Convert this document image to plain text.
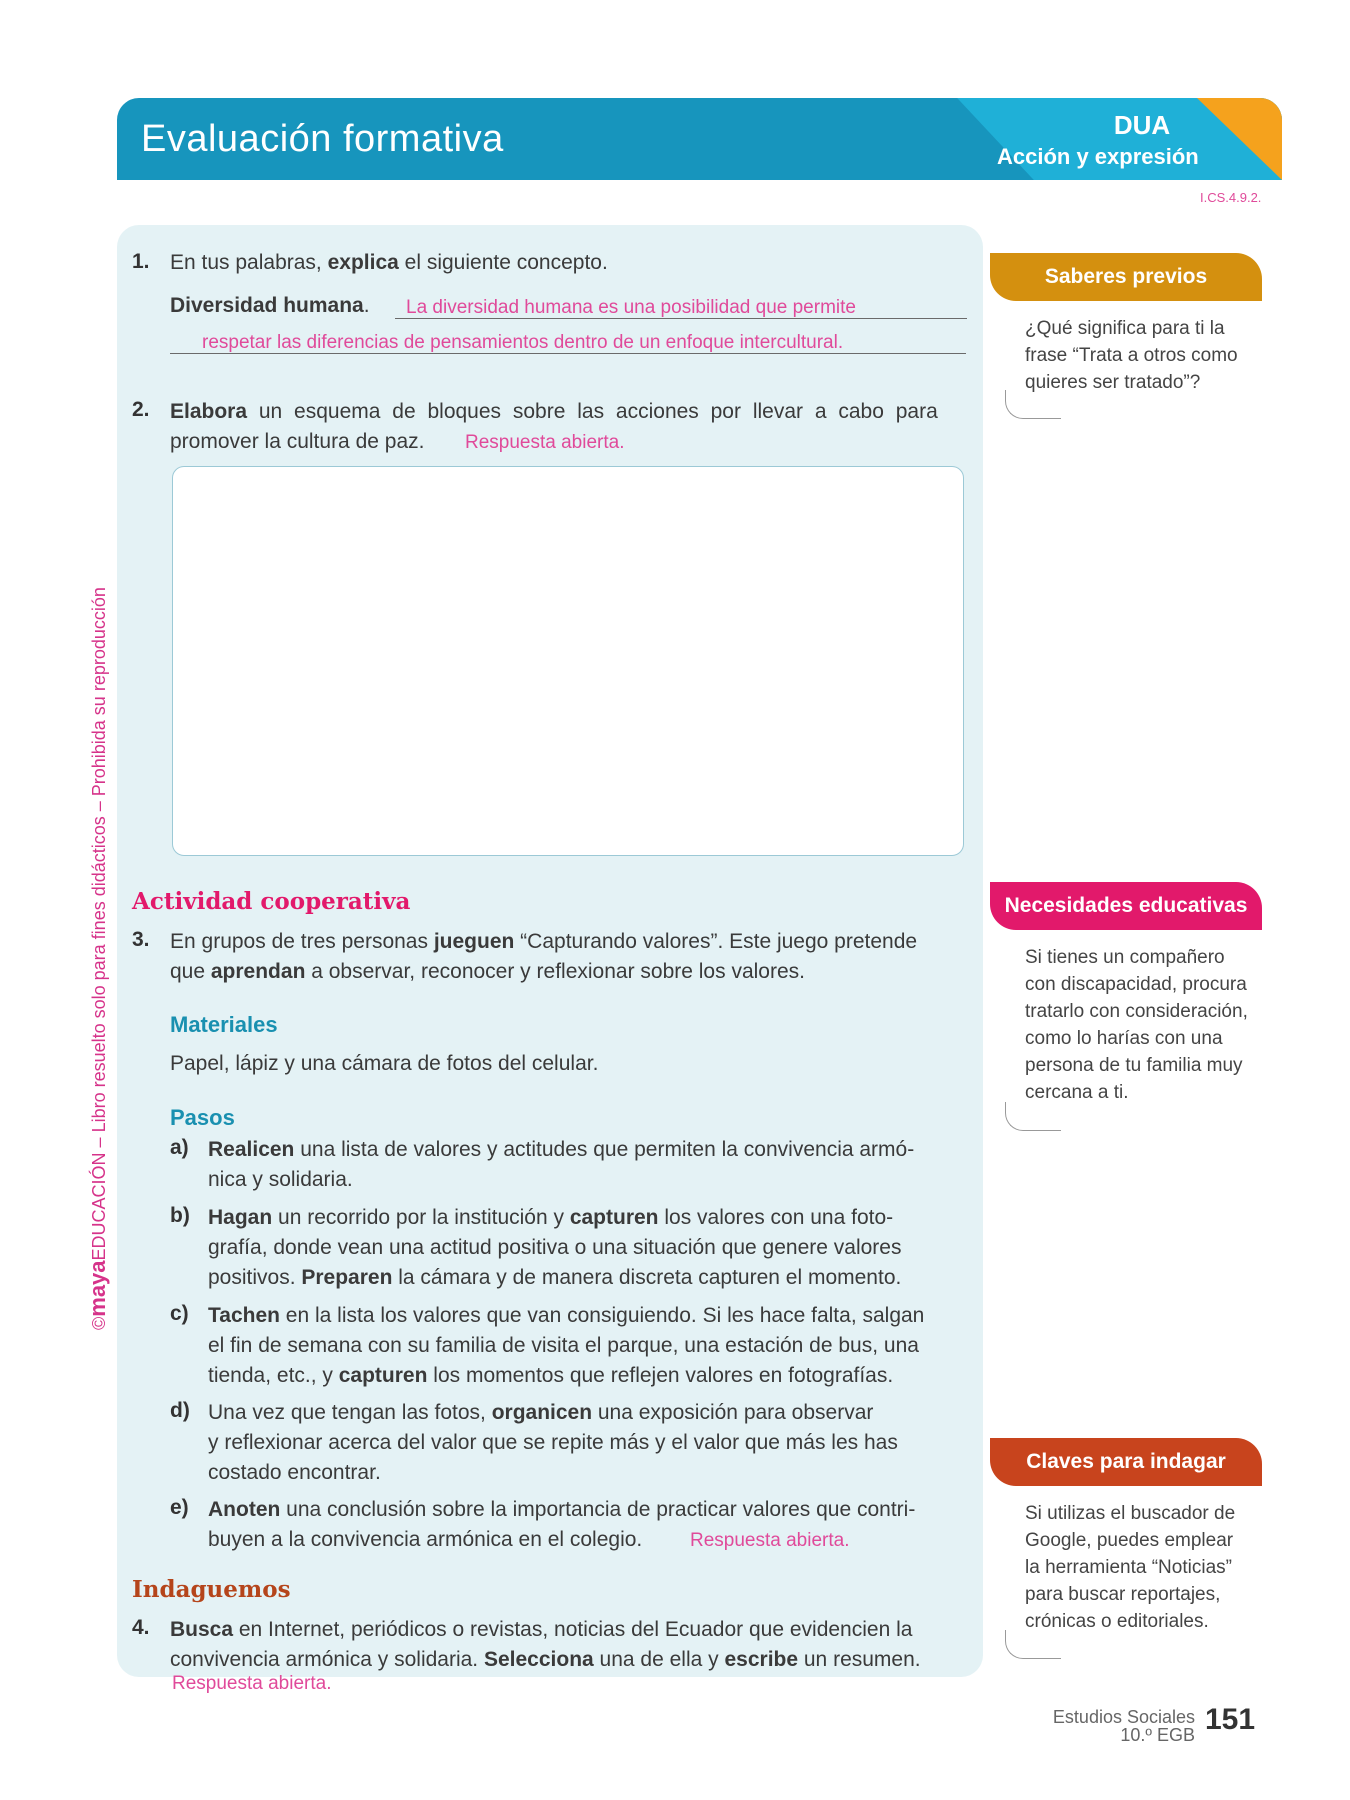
Evaluación formativa	DUA
Acción y expresión
I.CS.4.9.2.
©mayaEDUCACIÓN – Libro resuelto solo para fines didácticos – Prohibida su reproducción
1. En tus palabras, explica el siguiente concepto.
Diversidad humana. La diversidad humana es una posibilidad que permite
respetar las diferencias de pensamientos dentro de un enfoque intercultural.
2. Elabora un esquema de bloques sobre las acciones por llevar a cabo para
promover la cultura de paz. Respuesta abierta.
Actividad cooperativa
3. En grupos de tres personas jueguen “Capturando valores”. Este juego pretende
que aprendan a observar, reconocer y reflexionar sobre los valores.
Materiales
Papel, lápiz y una cámara de fotos del celular.
Pasos
a) Realicen una lista de valores y actitudes que permiten la convivencia armó-
nica y solidaria.
b) Hagan un recorrido por la institución y capturen los valores con una foto-
grafía, donde vean una actitud positiva o una situación que genere valores
positivos. Preparen la cámara y de manera discreta capturen el momento.
c) Tachen en la lista los valores que van consiguiendo. Si les hace falta, salgan
el fin de semana con su familia de visita el parque, una estación de bus, una
tienda, etc., y capturen los momentos que reflejen valores en fotografías.
d) Una vez que tengan las fotos, organicen una exposición para observar
y reflexionar acerca del valor que se repite más y el valor que más les has
costado encontrar.
e) Anoten una conclusión sobre la importancia de practicar valores que contri-
buyen a la convivencia armónica en el colegio.	Respuesta abierta.
Indaguemos
4. Busca en Internet, periódicos o revistas, noticias del Ecuador que evidencien la
convivencia armónica y solidaria. Selecciona una de ella y escribe un resumen.
Respuesta abierta.
Saberes previos
¿Qué significa para ti la
frase “Trata a otros como
quieres ser tratado”?
Necesidades educativas
Si tienes un compañero
con discapacidad, procura
tratarlo con consideración,
como lo harías con una
persona de tu familia muy
cercana a ti.
Claves para indagar
Si utilizas el buscador de
Google, puedes emplear
la herramienta “Noticias”
para buscar reportajes,
crónicas o editoriales.
Estudios Sociales
10.º EGB 151
